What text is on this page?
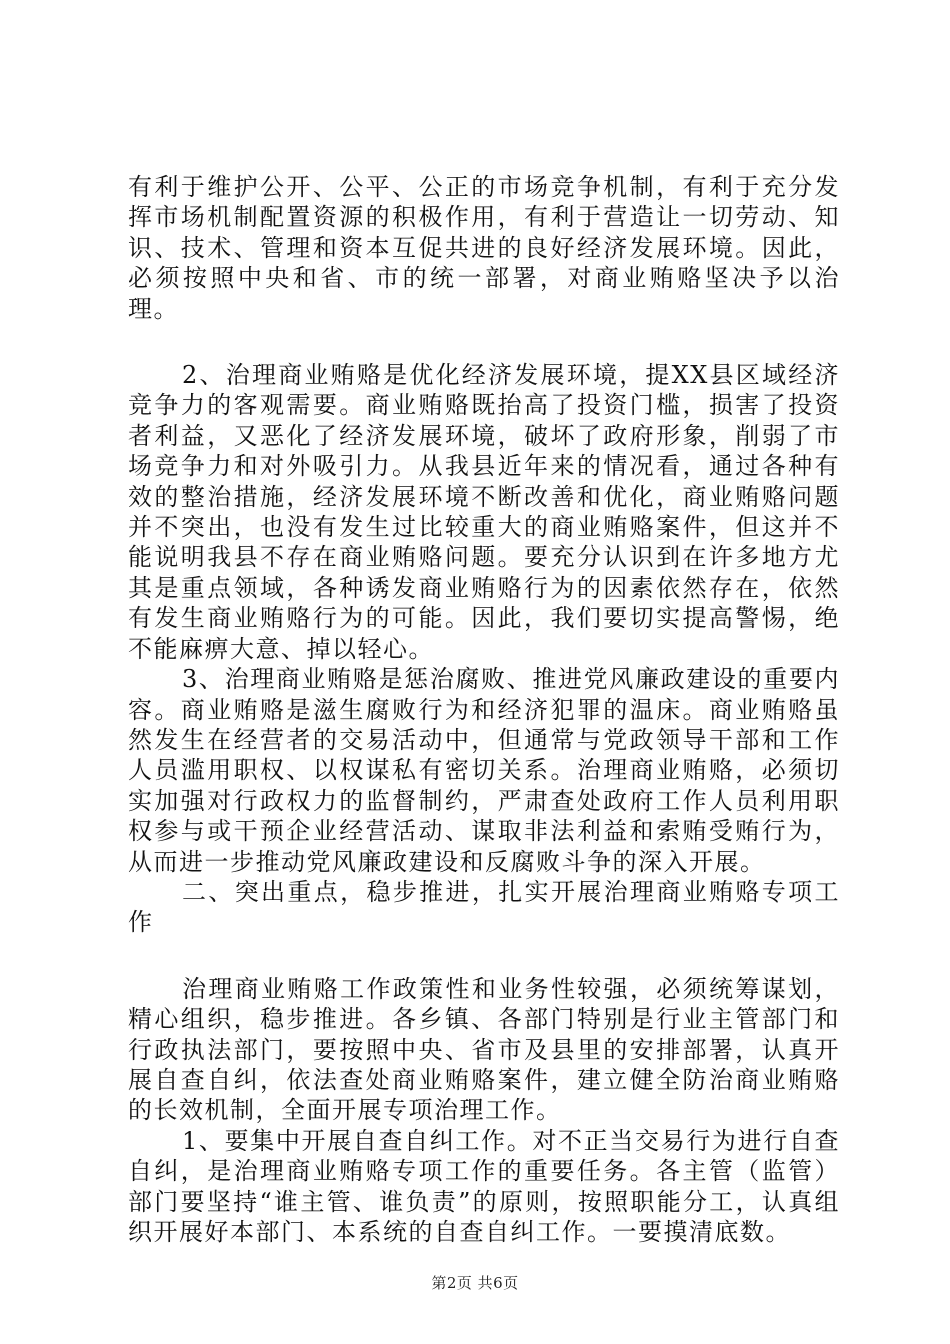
有利于维护公开、公平、公正的市场竞争机制，有利于充分发挥市场机制配置资源的积极作用，有利于营造让一切劳动、知识、技术、管理和资本互促共进的良好经济发展环境。因此，必须按照中央和省、市的统一部署，对商业贿赂坚决予以治理。

2、治理商业贿赂是优化经济发展环境，提XX县区域经济竞争力的客观需要。商业贿赂既抬高了投资门槛，损害了投资者利益，又恶化了经济发展环境，破坏了政府形象，削弱了市场竞争力和对外吸引力。从我县近年来的情况看，通过各种有效的整治措施，经济发展环境不断改善和优化，商业贿赂问题并不突出，也没有发生过比较重大的商业贿赂案件，但这并不能说明我县不存在商业贿赂问题。要充分认识到在许多地方尤其是重点领域，各种诱发商业贿赂行为的因素依然存在，依然有发生商业贿赂行为的可能。因此，我们要切实提高警惕，绝不能麻痹大意、掉以轻心。

3、治理商业贿赂是惩治腐败、推进党风廉政建设的重要内容。商业贿赂是滋生腐败行为和经济犯罪的温床。商业贿赂虽然发生在经营者的交易活动中，但通常与党政领导干部和工作人员滥用职权、以权谋私有密切关系。治理商业贿赂，必须切实加强对行政权力的监督制约，严肃查处政府工作人员利用职权参与或干预企业经营活动、谋取非法利益和索贿受贿行为，从而进一步推动党风廉政建设和反腐败斗争的深入开展。

二、突出重点，稳步推进，扎实开展治理商业贿赂专项工作

治理商业贿赂工作政策性和业务性较强，必须统筹谋划，精心组织，稳步推进。各乡镇、各部门特别是行业主管部门和行政执法部门，要按照中央、省市及县里的安排部署，认真开展自查自纠，依法查处商业贿赂案件，建立健全防治商业贿赂的长效机制，全面开展专项治理工作。

1、要集中开展自查自纠工作。对不正当交易行为进行自查自纠，是治理商业贿赂专项工作的重要任务。各主管（监管）部门要坚持“谁主管、谁负责”的原则，按照职能分工，认真组织开展好本部门、本系统的自查自纠工作。一要摸清底数。

第2页 共6页
